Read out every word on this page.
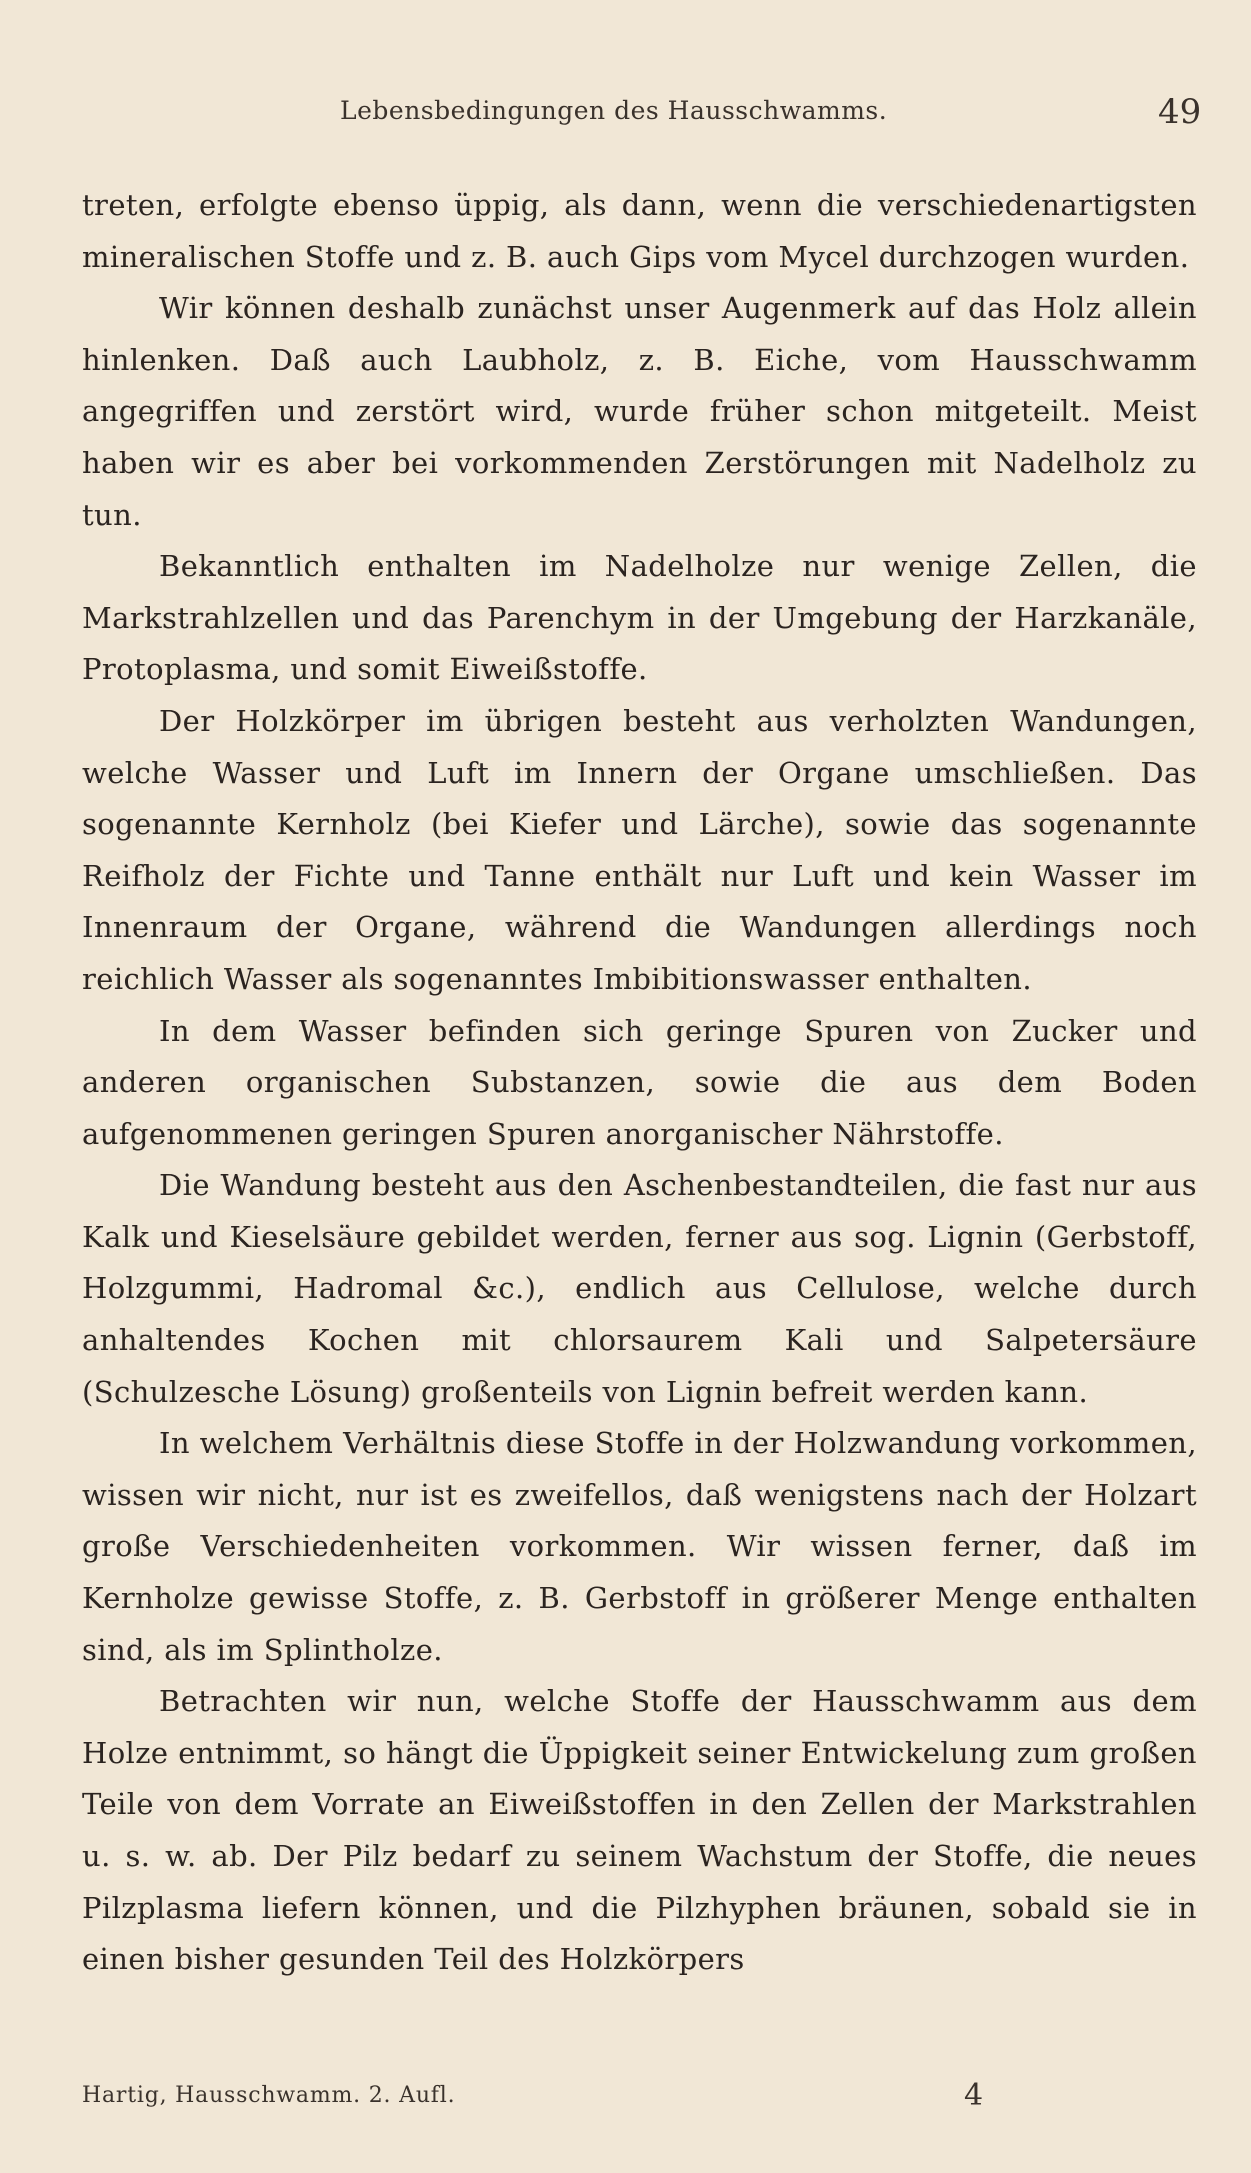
Lebensbedingungen des Hausschwamms.	49

treten, erfolgte ebenso üppig, als dann, wenn die verschiedenartigsten mineralischen Stoffe und z. B. auch Gips vom Mycel durchzogen wurden.

Wir können deshalb zunächst unser Augenmerk auf das Holz allein hinlenken. Daß auch Laubholz, z. B. Eiche, vom Hausschwamm angegriffen und zerstört wird, wurde früher schon mitgeteilt. Meist haben wir es aber bei vorkommenden Zerstörungen mit Nadelholz zu tun.

Bekanntlich enthalten im Nadelholze nur wenige Zellen, die Markstrahlzellen und das Parenchym in der Umgebung der Harzkanäle, Protoplasma, und somit Eiweißstoffe.

Der Holzkörper im übrigen besteht aus verholzten Wandungen, welche Wasser und Luft im Innern der Organe umschließen. Das sogenannte Kernholz (bei Kiefer und Lärche), sowie das sogenannte Reifholz der Fichte und Tanne enthält nur Luft und kein Wasser im Innenraum der Organe, während die Wandungen allerdings noch reichlich Wasser als sogenanntes Imbibitionswasser enthalten.

In dem Wasser befinden sich geringe Spuren von Zucker und anderen organischen Substanzen, sowie die aus dem Boden aufgenommenen geringen Spuren anorganischer Nährstoffe.

Die Wandung besteht aus den Aschenbestandteilen, die fast nur aus Kalk und Kieselsäure gebildet werden, ferner aus sog. Lignin (Gerbstoff, Holzgummi, Hadromal &c.), endlich aus Cellulose, welche durch anhaltendes Kochen mit chlorsaurem Kali und Salpetersäure (Schulzesche Lösung) großenteils von Lignin befreit werden kann.

In welchem Verhältnis diese Stoffe in der Holzwandung vorkommen, wissen wir nicht, nur ist es zweifellos, daß wenigstens nach der Holzart große Verschiedenheiten vorkommen. Wir wissen ferner, daß im Kernholze gewisse Stoffe, z. B. Gerbstoff in größerer Menge enthalten sind, als im Splintholze.

Betrachten wir nun, welche Stoffe der Hausschwamm aus dem Holze entnimmt, so hängt die Üppigkeit seiner Entwickelung zum großen Teile von dem Vorrate an Eiweißstoffen in den Zellen der Markstrahlen u. s. w. ab. Der Pilz bedarf zu seinem Wachstum der Stoffe, die neues Pilzplasma liefern können, und die Pilzhyphen bräunen, sobald sie in einen bisher gesunden Teil des Holzkörpers

Hartig, Hausschwamm. 2. Aufl.	4
